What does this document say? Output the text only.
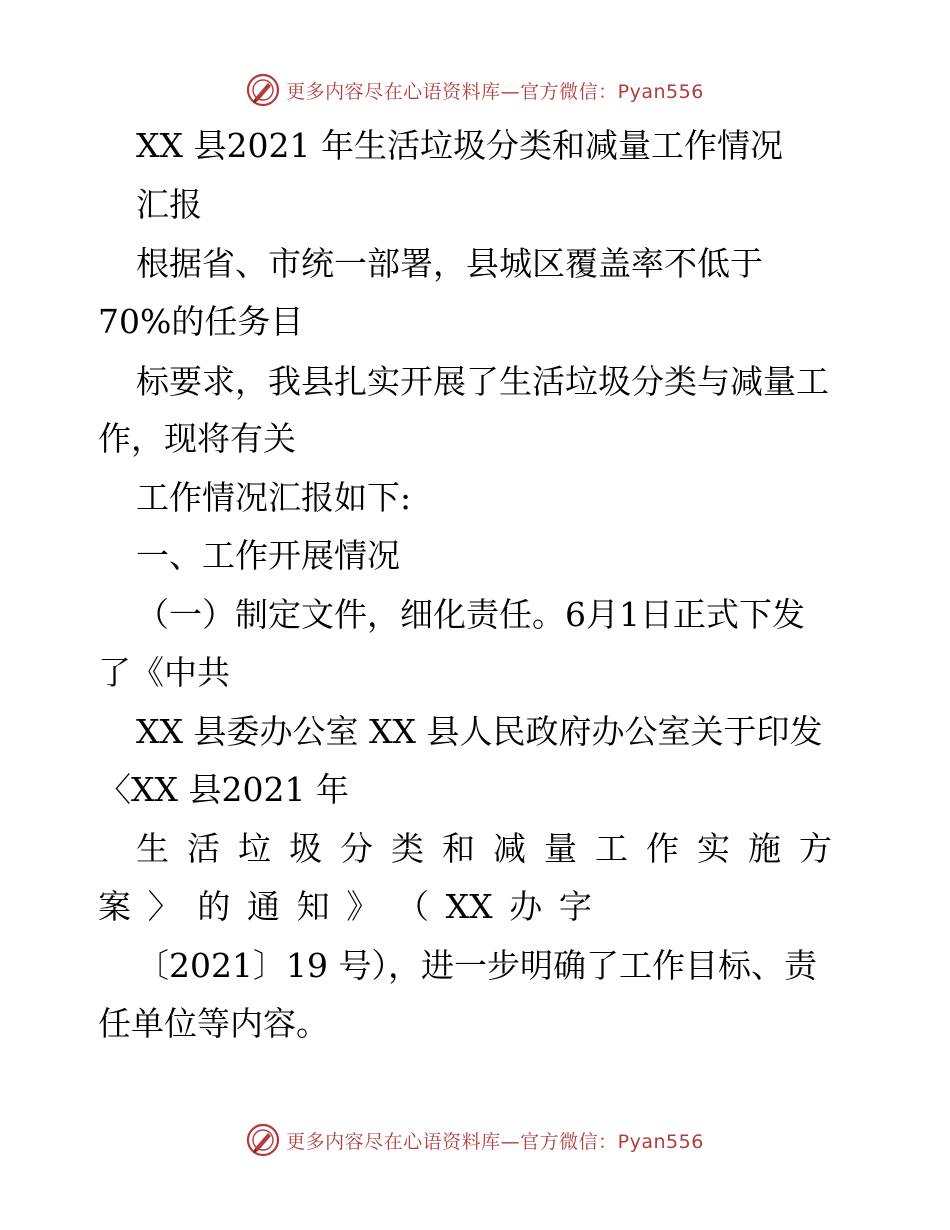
更多内容尽在心语资料库—官方微信：Pyan556
XX 县2021 年生活垃圾分类和减量工作情况
汇报
根据省、市统一部署，县城区覆盖率不低于
70%的任务目
标要求，我县扎实开展了生活垃圾分类与减量工
作，现将有关
工作情况汇报如下:
一、工作开展情况
（一）制定文件，细化责任。6月1日正式下发
了《中共
XX 县委办公室 XX 县人民政府办公室关于印发
〈XX 县2021 年
生 活 垃 圾 分 类 和 减 量 工 作 实 施 方
案 〉 的 通 知 》 （ XX 办 字
〔2021〕19 号），进一步明确了工作目标、责
任单位等内容。
更多内容尽在心语资料库—官方微信：Pyan556
